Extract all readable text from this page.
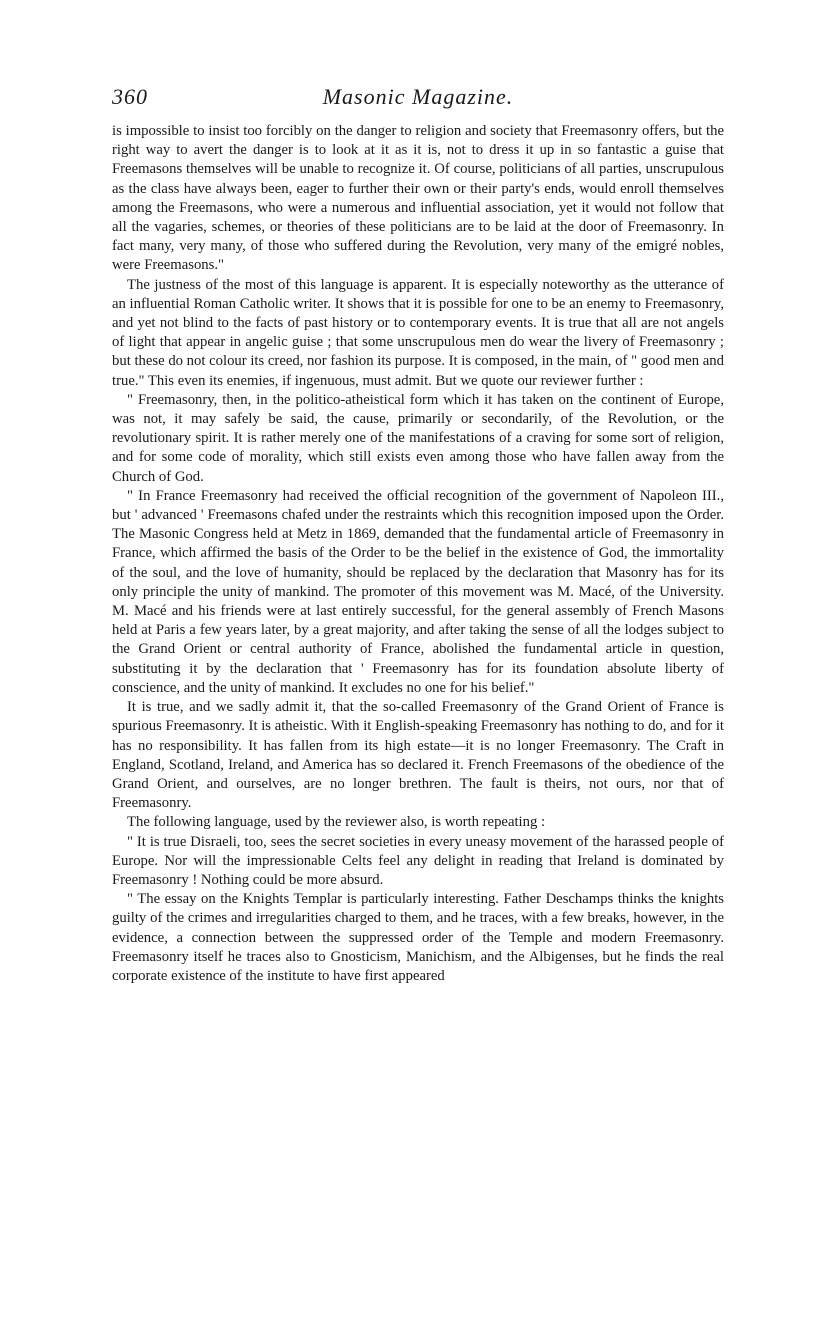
360	Masonic Magazine.

is impossible to insist too forcibly on the danger to religion and society that Freemasonry offers, but the right way to avert the danger is to look at it as it is, not to dress it up in so fantastic a guise that Freemasons themselves will be unable to recognize it. Of course, politicians of all parties, unscrupulous as the class have always been, eager to further their own or their party's ends, would enroll themselves among the Freemasons, who were a numerous and influential association, yet it would not follow that all the vagaries, schemes, or theories of these politicians are to be laid at the door of Freemasonry. In fact many, very many, of those who suffered during the Revolution, very many of the emigré nobles, were Freemasons."

The justness of the most of this language is apparent. It is especially noteworthy as the utterance of an influential Roman Catholic writer. It shows that it is possible for one to be an enemy to Freemasonry, and yet not blind to the facts of past history or to contemporary events. It is true that all are not angels of light that appear in angelic guise ; that some unscrupulous men do wear the livery of Freemasonry ; but these do not colour its creed, nor fashion its purpose. It is composed, in the main, of " good men and true." This even its enemies, if ingenuous, must admit. But we quote our reviewer further :

" Freemasonry, then, in the politico-atheistical form which it has taken on the continent of Europe, was not, it may safely be said, the cause, primarily or secondarily, of the Revolution, or the revolutionary spirit. It is rather merely one of the manifestations of a craving for some sort of religion, and for some code of morality, which still exists even among those who have fallen away from the Church of God.

" In France Freemasonry had received the official recognition of the government of Napoleon III., but ' advanced ' Freemasons chafed under the restraints which this recognition imposed upon the Order. The Masonic Congress held at Metz in 1869, demanded that the fundamental article of Freemasonry in France, which affirmed the basis of the Order to be the belief in the existence of God, the immortality of the soul, and the love of humanity, should be replaced by the declaration that Masonry has for its only principle the unity of mankind. The promoter of this movement was M. Macé, of the University. M. Macé and his friends were at last entirely successful, for the general assembly of French Masons held at Paris a few years later, by a great majority, and after taking the sense of all the lodges subject to the Grand Orient or central authority of France, abolished the fundamental article in question, substituting it by the declaration that ' Freemasonry has for its foundation absolute liberty of conscience, and the unity of mankind. It excludes no one for his belief."

It is true, and we sadly admit it, that the so-called Freemasonry of the Grand Orient of France is spurious Freemasonry. It is atheistic. With it English-speaking Freemasonry has nothing to do, and for it has no responsibility. It has fallen from its high estate—it is no longer Freemasonry. The Craft in England, Scotland, Ireland, and America has so declared it. French Freemasons of the obedience of the Grand Orient, and ourselves, are no longer brethren. The fault is theirs, not ours, nor that of Freemasonry.

The following language, used by the reviewer also, is worth repeating :

" It is true Disraeli, too, sees the secret societies in every uneasy movement of the harassed people of Europe. Nor will the impressionable Celts feel any delight in reading that Ireland is dominated by Freemasonry ! Nothing could be more absurd.

" The essay on the Knights Templar is particularly interesting. Father Deschamps thinks the knights guilty of the crimes and irregularities charged to them, and he traces, with a few breaks, however, in the evidence, a connection between the suppressed order of the Temple and modern Freemasonry. Freemasonry itself he traces also to Gnosticism, Manichism, and the Albigenses, but he finds the real corporate existence of the institute to have first appeared
